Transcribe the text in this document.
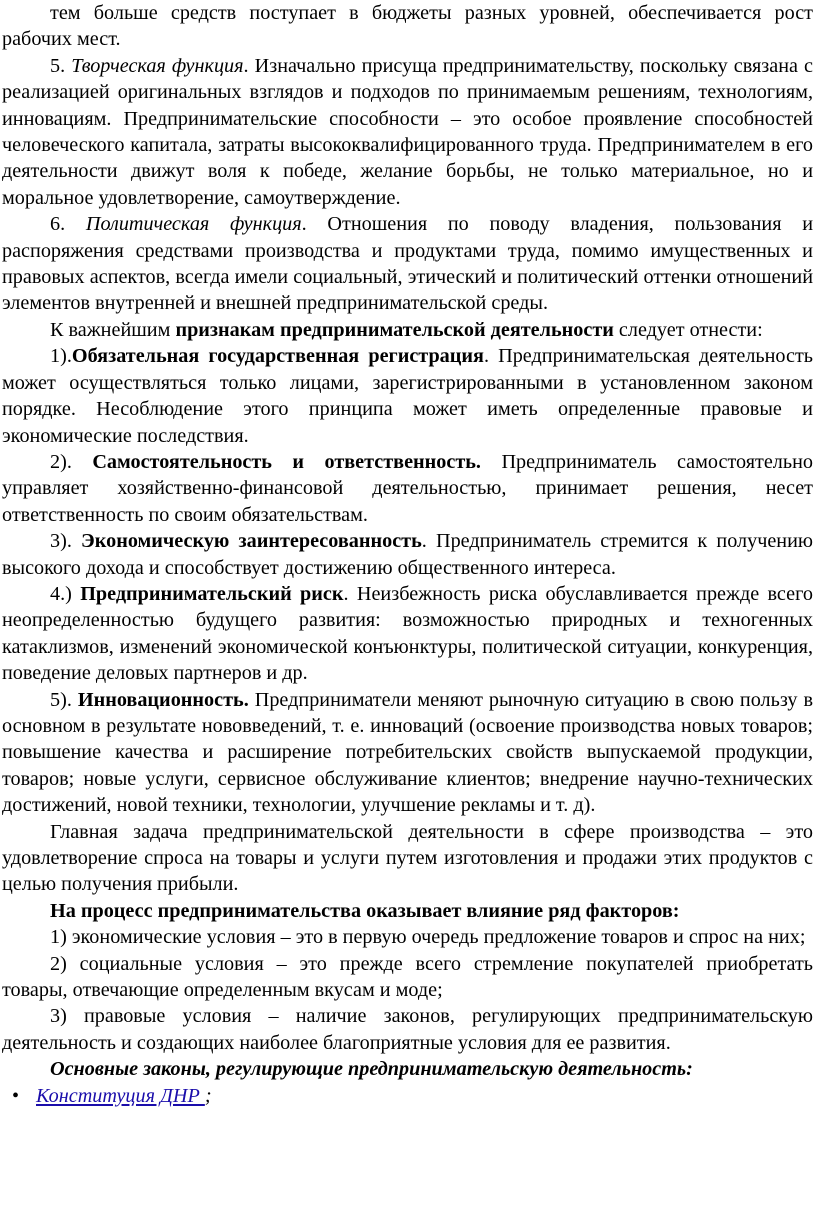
тем больше средств поступает в бюджеты разных уровней, обеспечивается рост рабочих мест.

5. Творческая функция. Изначально присуща предпринимательству, поскольку связана с реализацией оригинальных взглядов и подходов по принимаемым решениям, технологиям, инновациям. Предпринимательские способности – это особое проявление способностей человеческого капитала, затраты высококвалифицированного труда. Предпринимателем в его деятельности движут воля к победе, желание борьбы, не только материальное, но и моральное удовлетворение, самоутверждение.

6. Политическая функция. Отношения по поводу владения, пользования и распоряжения средствами производства и продуктами труда, помимо имущественных и правовых аспектов, всегда имели социальный, этический и политический оттенки отношений элементов внутренней и внешней предпринимательской среды.

К важнейшим признакам предпринимательской деятельности следует отнести:

1).Обязательная государственная регистрация. Предпринимательская деятельность может осуществляться только лицами, зарегистрированными в установленном законом порядке. Несоблюдение этого принципа может иметь определенные правовые и экономические последствия.

2). Самостоятельность и ответственность. Предприниматель самостоятельно управляет хозяйственно-финансовой деятельностью, принимает решения, несет ответственность по своим обязательствам.

3). Экономическую заинтересованность. Предприниматель стремится к получению высокого дохода и способствует достижению общественного интереса.

4.) Предпринимательский риск. Неизбежность риска обуславливается прежде всего неопределенностью будущего развития: возможностью природных и техногенных катаклизмов, изменений экономической конъюнктуры, политической ситуации, конкуренция, поведение деловых партнеров и др.

5). Инновационность. Предприниматели меняют рыночную ситуацию в свою пользу в основном в результате нововведений, т. е. инноваций (освоение производства новых товаров; повышение качества и расширение потребительских свойств выпускаемой продукции, товаров; новые услуги, сервисное обслуживание клиентов; внедрение научно-технических достижений, новой техники, технологии, улучшение рекламы и т. д).

Главная задача предпринимательской деятельности в сфере производства – это удовлетворение спроса на товары и услуги путем изготовления и продажи этих продуктов с целью получения прибыли.

На процесс предпринимательства оказывает влияние ряд факторов:

1) экономические условия – это в первую очередь предложение товаров и спрос на них;

2) социальные условия – это прежде всего стремление покупателей приобретать товары, отвечающие определенным вкусам и моде;

3) правовые условия – наличие законов, регулирующих предпринимательскую деятельность и создающих наиболее благоприятные условия для ее развития.

Основные законы, регулирующие предпринимательскую деятельность:

• Конституция ДНР ;
